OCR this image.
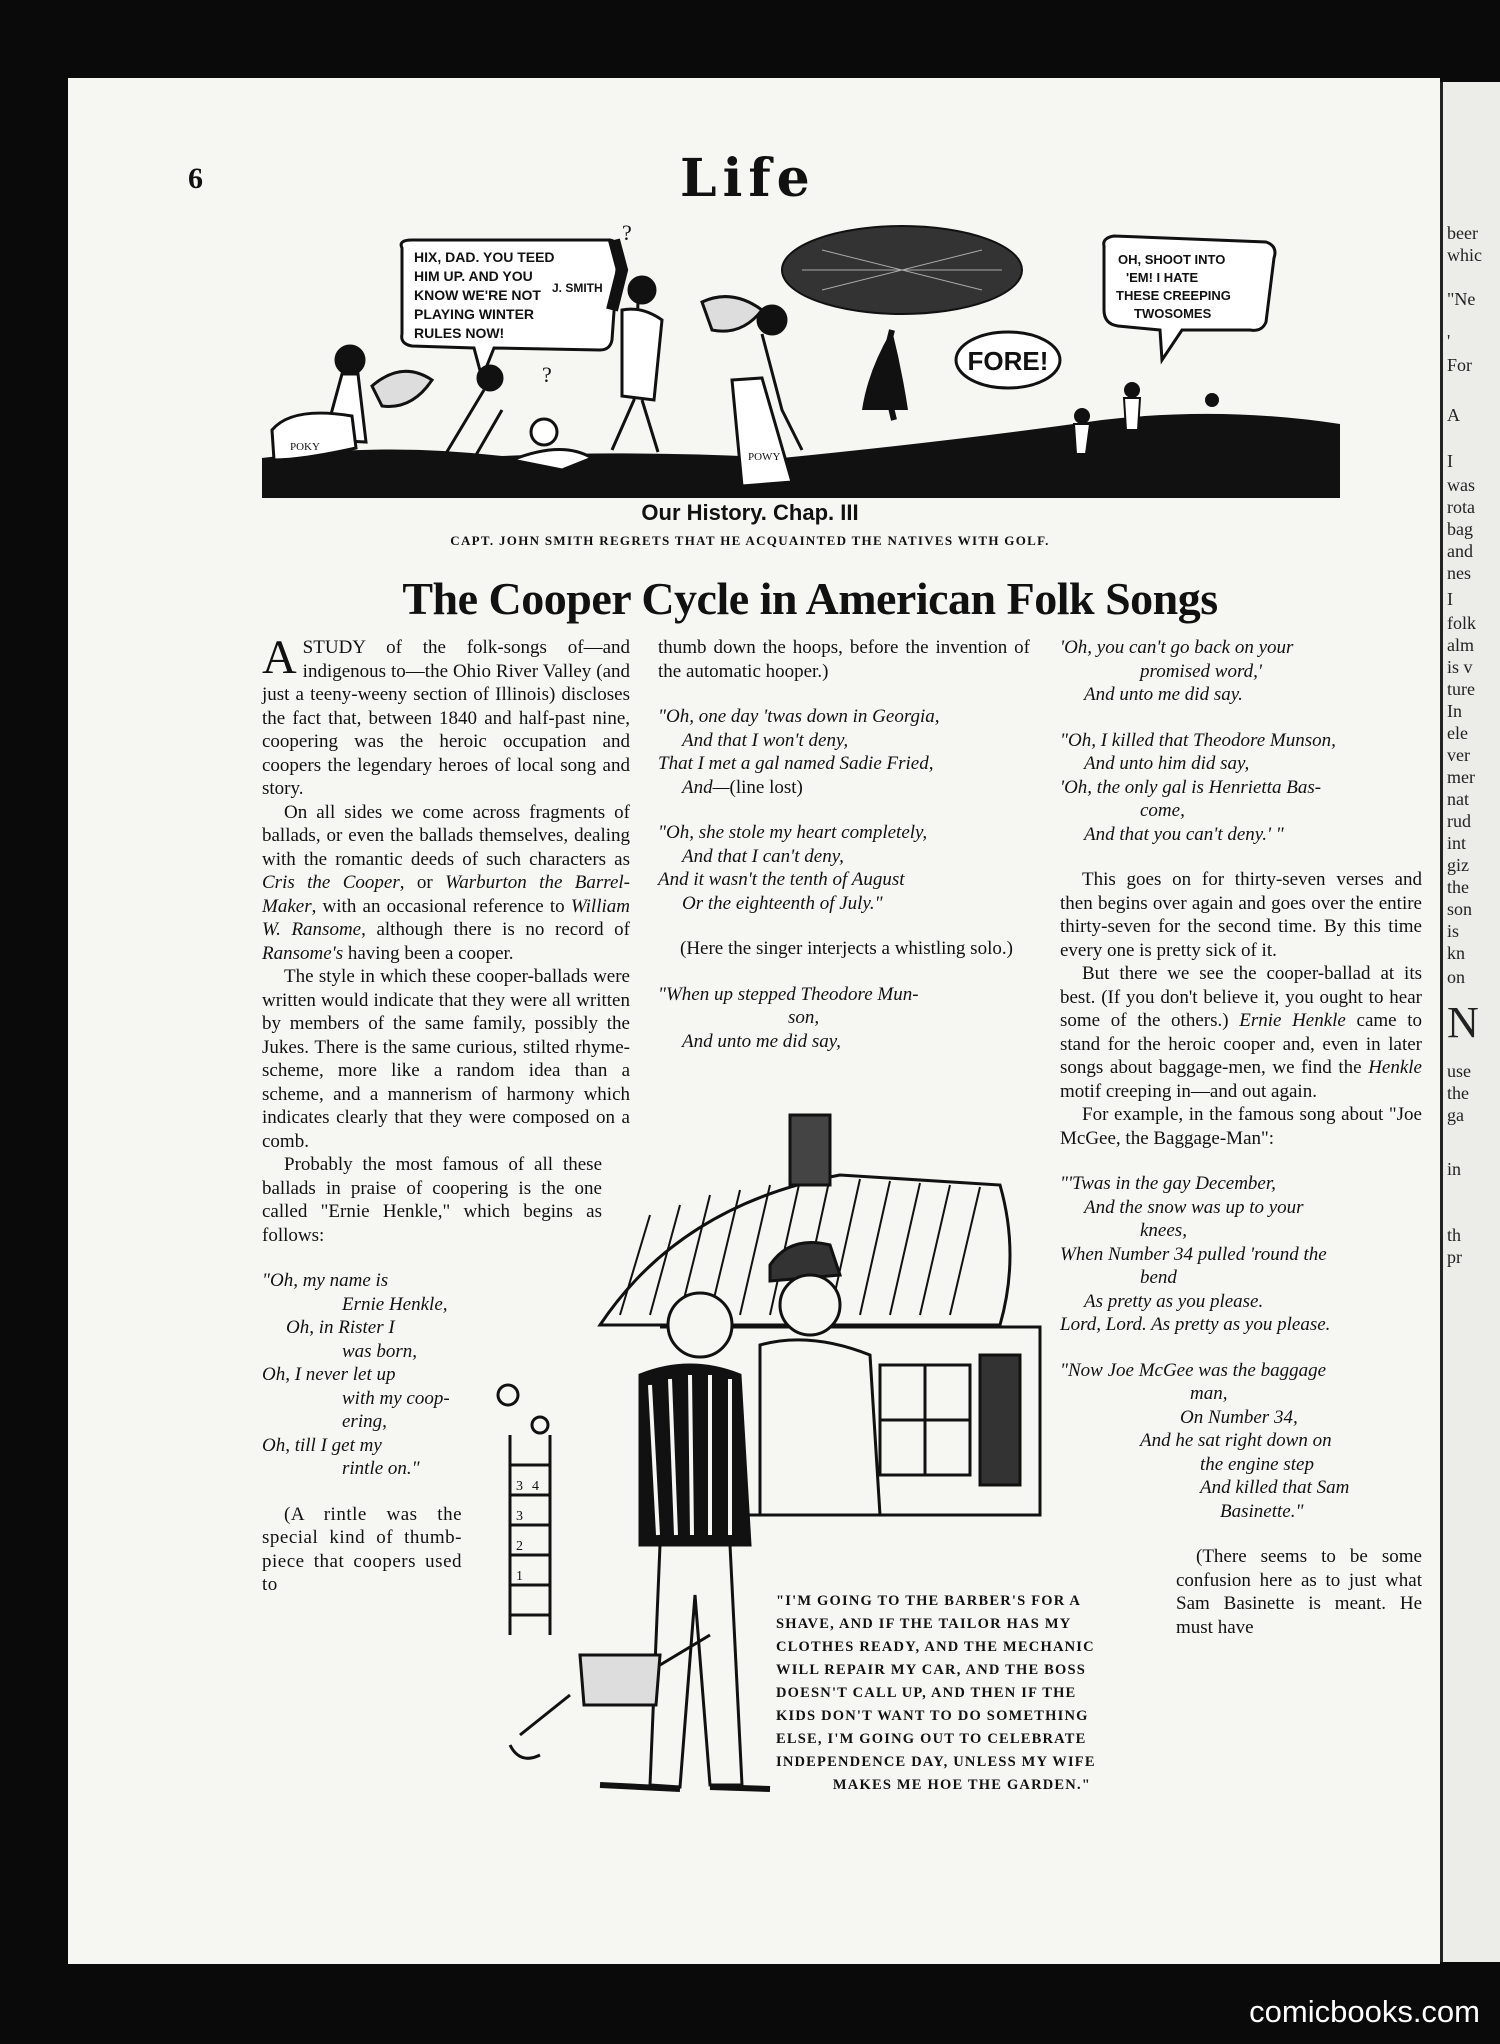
beer
whic
"Ne
'
For
A
I
was
rota
bag
and
nes
I
folk
alm
is v
ture
In
ele
ver
mer
nat
rud
int
giz
the
son
is
kn
on
N
use
the
ga
in
th
pr
6	Life
HIX, DAD. YOU TEED
HIM UP. AND YOU
KNOW WE'RE NOT
PLAYING WINTER
RULES NOW!
POKY
?
J. SMITH
?
POWY
FORE!
OH, SHOOT INTO
'EM! I HATE
THESE CREEPING
TWOSOMES
Our History. Chap. III
CAPT. JOHN SMITH REGRETS THAT HE ACQUAINTED THE NATIVES WITH GOLF.
The Cooper Cycle in American Folk Songs

ASTUDY of the folk-songs of—and indigenous to—the Ohio River Valley (and just a teeny-weeny section of Illinois) discloses the fact that, between 1840 and half-past nine, coopering was the heroic occupation and coopers the legendary heroes of local song and story.

On all sides we come across fragments of ballads, or even the ballads themselves, dealing with the romantic deeds of such characters as Cris the Cooper, or Warburton the Barrel-Maker, with an occasional reference to William W. Ransome, although there is no record of Ransome's having been a cooper.

The style in which these cooper-ballads were written would indicate that they were all written by members of the same family, possibly the Jukes. There is the same curious, stilted rhyme-scheme, more like a random idea than a scheme, and a mannerism of harmony which indicates clearly that they were composed on a comb.

Probably the most famous of all these ballads in praise of coopering is the one called "Ernie Henkle," which begins as follows:

"Oh, my name is
Ernie Henkle,
Oh, in Rister I
was born,
Oh, I never let up
with my coop-
ering,
Oh, till I get my
rintle on."

(A rintle was the special kind of thumb-piece that coopers used to

thumb down the hoops, before the invention of the automatic hooper.)

"Oh, one day 'twas down in Georgia,
And that I won't deny,
That I met a gal named Sadie Fried,
And—(line lost)
"Oh, she stole my heart completely,
And that I can't deny,
And it wasn't the tenth of August
Or the eighteenth of July."

(Here the singer interjects a whistling solo.)

"When up stepped Theodore Mun-
son,
And unto me did say,
'Oh, you can't go back on your
promised word,'
And unto me did say.
"Oh, I killed that Theodore Munson,
And unto him did say,
'Oh, the only gal is Henrietta Bas-
come,
And that you can't deny.' "

This goes on for thirty-seven verses and then begins over again and goes over the entire thirty-seven for the second time. By this time every one is pretty sick of it.

But there we see the cooper-ballad at its best. (If you don't believe it, you ought to hear some of the others.) Ernie Henkle came to stand for the heroic cooper and, even in later songs about baggage-men, we find the Henkle motif creeping in—and out again.

For example, in the famous song about "Joe McGee, the Baggage-Man":

"'Twas in the gay December,
And the snow was up to your
knees,
When Number 34 pulled 'round the
bend
As pretty as you please.
Lord, Lord. As pretty as you please.
"Now Joe McGee was the baggage
man,
On Number 34,
And he sat right down on
the engine step
And killed that Sam
Basinette."

(There seems to be some confusion here as to just what Sam Basinette is meant. He must have

3 4
3
2
1
"I'M GOING TO THE BARBER'S FOR A
SHAVE, AND IF THE TAILOR HAS MY
CLOTHES READY, AND THE MECHANIC
WILL REPAIR MY CAR, AND THE BOSS
DOESN'T CALL UP, AND THEN IF THE
KIDS DON'T WANT TO DO SOMETHING
ELSE, I'M GOING OUT TO CELEBRATE
INDEPENDENCE DAY, UNLESS MY WIFE
MAKES ME HOE THE GARDEN."
comicbooks.com
